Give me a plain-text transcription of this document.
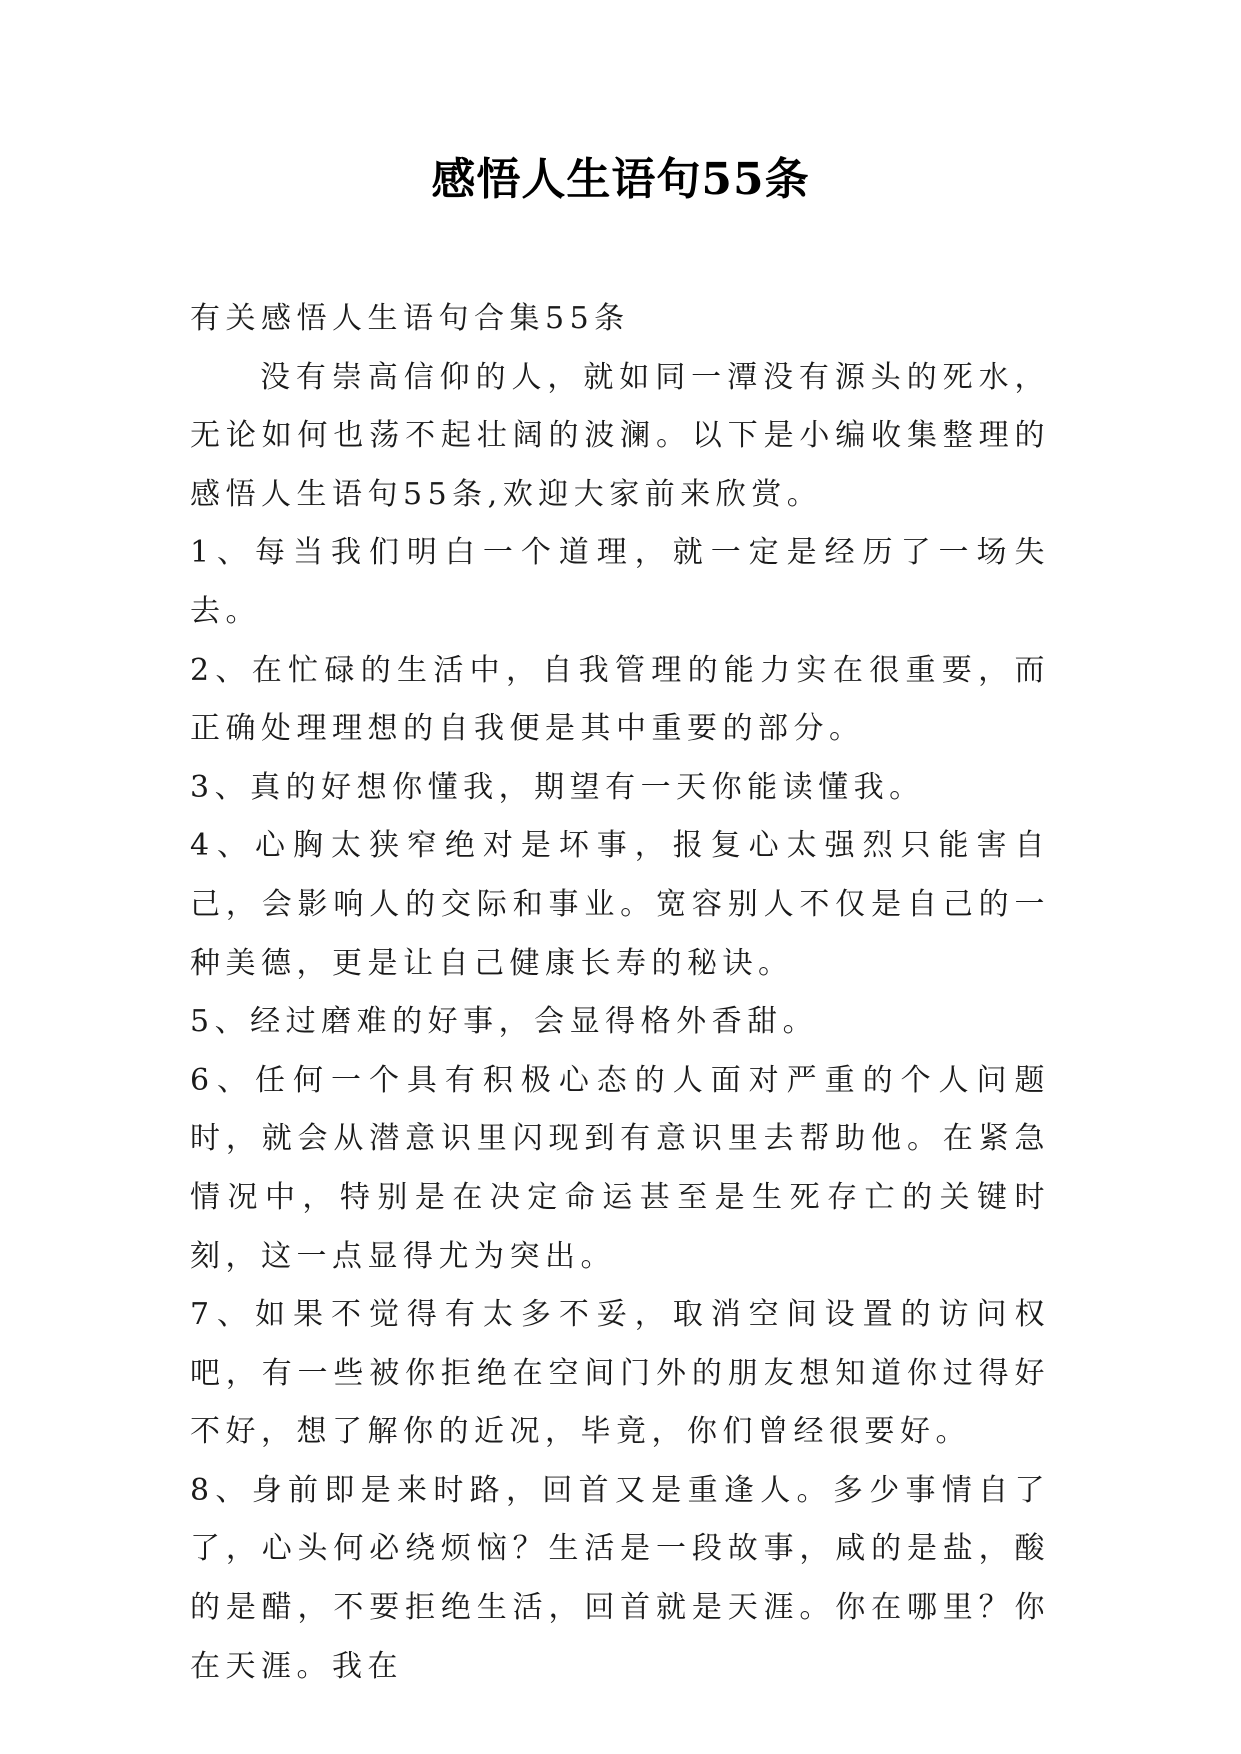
感悟人生语句55条

有关感悟人生语句合集55条

没有崇高信仰的人，就如同一潭没有源头的死水，无论如何也荡不起壮阔的波澜。以下是小编收集整理的感悟人生语句55条,欢迎大家前来欣赏。

1、每当我们明白一个道理，就一定是经历了一场失去。

2、在忙碌的生活中，自我管理的能力实在很重要，而正确处理理想的自我便是其中重要的部分。

3、真的好想你懂我，期望有一天你能读懂我。

4、心胸太狭窄绝对是坏事，报复心太强烈只能害自己，会影响人的交际和事业。宽容别人不仅是自己的一种美德，更是让自己健康长寿的秘诀。

5、经过磨难的好事，会显得格外香甜。

6、任何一个具有积极心态的人面对严重的个人问题时，就会从潜意识里闪现到有意识里去帮助他。在紧急情况中，特别是在决定命运甚至是生死存亡的关键时刻，这一点显得尤为突出。

7、如果不觉得有太多不妥，取消空间设置的访问权吧，有一些被你拒绝在空间门外的朋友想知道你过得好不好，想了解你的近况，毕竟，你们曾经很要好。

8、身前即是来时路，回首又是重逢人。多少事情自了了，心头何必绕烦恼？生活是一段故事，咸的是盐，酸的是醋，不要拒绝生活，回首就是天涯。你在哪里？你在天涯。我在
